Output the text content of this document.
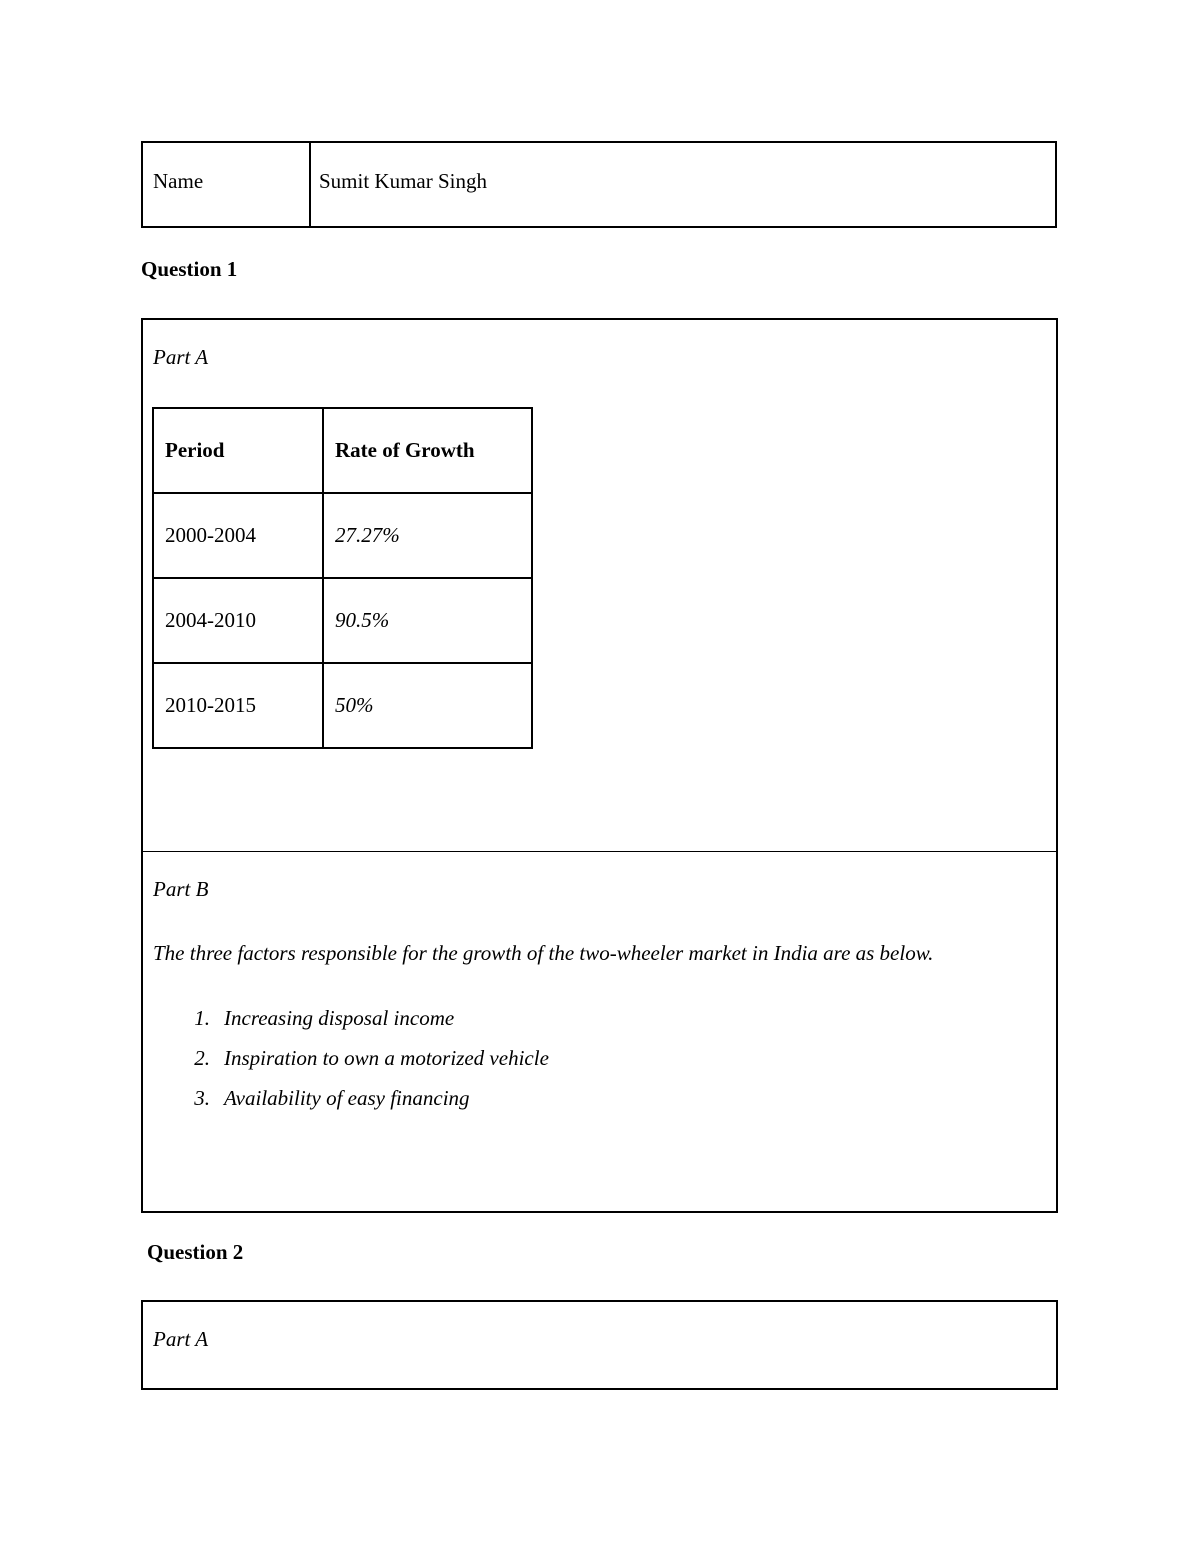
Name	Sumit Kumar Singh
Question 1
Part A
Period	Rate of Growth
2000-2004	27.27%
2004-2010	90.5%
2010-2015	50%
Part B
The three factors responsible for the growth of the two-wheeler market in India are as below.
1. Increasing disposal income
2. Inspiration to own a motorized vehicle
3. Availability of easy financing
Question 2
Part A
